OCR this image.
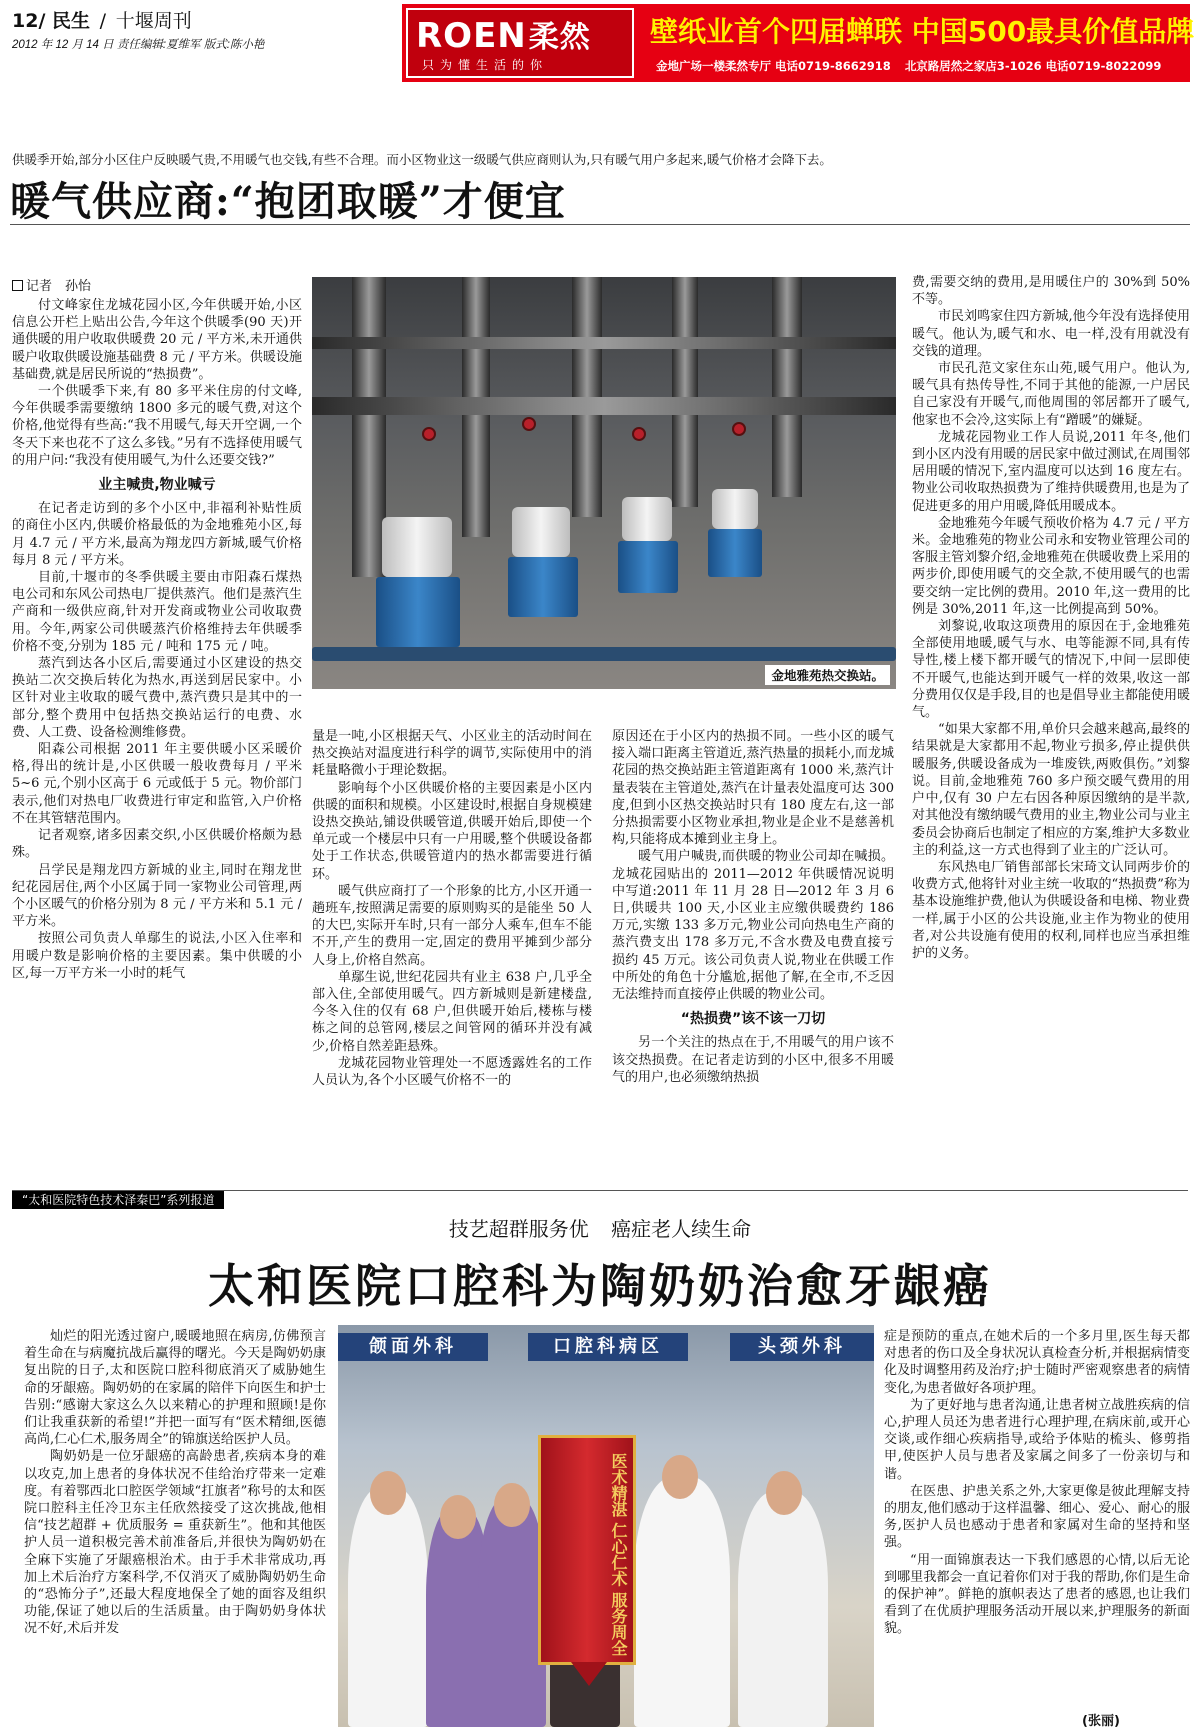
12/ 民生 / 十堰周刊
2012 年 12 月 14 日 责任编辑:夏维军 版式:陈小艳	ROEN柔然
只为懂生活的你
壁纸业首个四届蝉联 中国500最具价值品牌
金地广场一楼柔然专厅 电话0719-8662918 北京路居然之家店3-1026 电话0719-8022099
供暖季开始,部分小区住户反映暖气贵,不用暖气也交钱,有些不合理。而小区物业这一级暖气供应商则认为,只有暖气用户多起来,暖气价格才会降下去。
暖气供应商:“抱团取暖”才便宜
记者　孙怡

付文峰家住龙城花园小区,今年供暖开始,小区信息公开栏上贴出公告,今年这个供暖季(90 天)开通供暖的用户收取供暖费 20 元 / 平方米,未开通供暖户收取供暖设施基础费 8 元 / 平方米。供暖设施基础费,就是居民所说的“热损费”。

一个供暖季下来,有 80 多平米住房的付文峰,今年供暖季需要缴纳 1800 多元的暖气费,对这个价格,他觉得有些高:“我不用暖气,每天开空调,一个冬天下来也花不了这么多钱。”另有不选择使用暖气的用户问:“我没有使用暖气,为什么还要交钱?”

业主喊贵,物业喊亏

在记者走访到的多个小区中,非福利补贴性质的商住小区内,供暖价格最低的为金地雅苑小区,每月 4.7 元 / 平方米,最高为翔龙四方新城,暖气价格每月 8 元 / 平方米。

目前,十堰市的冬季供暖主要由市阳森石煤热电公司和东风公司热电厂提供蒸汽。他们是蒸汽生产商和一级供应商,针对开发商或物业公司收取费用。今年,两家公司供暖蒸汽价格维持去年供暖季价格不变,分别为 185 元 / 吨和 175 元 / 吨。

蒸汽到达各小区后,需要通过小区建设的热交换站二次交换后转化为热水,再送到居民家中。小区针对业主收取的暖气费中,蒸汽费只是其中的一部分,整个费用中包括热交换站运行的电费、水费、人工费、设备检测维修费。

阳森公司根据 2011 年主要供暖小区采暖价格,得出的统计是,小区供暖一般收费每月 / 平米 5~6 元,个别小区高于 6 元或低于 5 元。物价部门表示,他们对热电厂收费进行审定和监管,入户价格不在其管辖范围内。

记者观察,诸多因素交织,小区供暖价格颇为悬殊。

吕学民是翔龙四方新城的业主,同时在翔龙世纪花园居住,两个小区属于同一家物业公司管理,两个小区暖气的价格分别为 8 元 / 平方米和 5.1 元 / 平方米。

按照公司负责人单鄢生的说法,小区入住率和用暖户数是影响价格的主要因素。集中供暖的小区,每一万平方米一小时的耗气

金地雅苑热交换站。

量是一吨,小区根据天气、小区业主的活动时间在热交换站对温度进行科学的调节,实际使用中的消耗量略微小于理论数据。

影响每个小区供暖价格的主要因素是小区内供暖的面积和规模。小区建设时,根据自身规模建设热交换站,铺设供暖管道,供暖开始后,即使一个单元或一个楼层中只有一户用暖,整个供暖设备都处于工作状态,供暖管道内的热水都需要进行循环。

暖气供应商打了一个形象的比方,小区开通一趟班车,按照满足需要的原则购买的是能坐 50 人的大巴,实际开车时,只有一部分人乘车,但车不能不开,产生的费用一定,固定的费用平摊到少部分人身上,价格自然高。

单鄢生说,世纪花园共有业主 638 户,几乎全部入住,全部使用暖气。四方新城则是新建楼盘,今冬入住的仅有 68 户,但供暖开始后,楼栋与楼栋之间的总管网,楼层之间管网的循环并没有减少,价格自然差距悬殊。

龙城花园物业管理处一不愿透露姓名的工作人员认为,各个小区暖气价格不一的

原因还在于小区内的热损不同。一些小区的暖气接入端口距离主管道近,蒸汽热量的损耗小,而龙城花园的热交换站距主管道距离有 1000 米,蒸汽计量表装在主管道处,蒸汽在计量表处温度可达 300 度,但到小区热交换站时只有 180 度左右,这一部分热损需要小区物业承担,物业是企业不是慈善机构,只能将成本摊到业主身上。

暖气用户喊贵,而供暖的物业公司却在喊损。龙城花园贴出的 2011—2012 年供暖情况说明中写道:2011 年 11 月 28 日—2012 年 3 月 6 日,供暖共 100 天,小区业主应缴供暖费约 186 万元,实缴 133 多万元,物业公司向热电生产商的蒸汽费支出 178 多万元,不含水费及电费直接亏损约 45 万元。该公司负责人说,物业在供暖工作中所处的角色十分尴尬,据他了解,在全市,不乏因无法维持而直接停止供暖的物业公司。

“热损费”该不该一刀切

另一个关注的热点在于,不用暖气的用户该不该交热损费。在记者走访到的小区中,很多不用暖气的用户,也必须缴纳热损

费,需要交纳的费用,是用暖住户的 30%到 50%不等。

市民刘鸣家住四方新城,他今年没有选择使用暖气。他认为,暖气和水、电一样,没有用就没有交钱的道理。

市民孔范文家住东山苑,暖气用户。他认为,暖气具有热传导性,不同于其他的能源,一户居民自己家没有开暖气,而他周围的邻居都开了暖气,他家也不会冷,这实际上有“蹭暖”的嫌疑。

龙城花园物业工作人员说,2011 年冬,他们到小区内没有用暖的居民家中做过测试,在周围邻居用暖的情况下,室内温度可以达到 16 度左右。物业公司收取热损费为了维持供暖费用,也是为了促进更多的用户用暖,降低用暖成本。

金地雅苑今年暖气预收价格为 4.7 元 / 平方米。金地雅苑的物业公司永和安物业管理公司的客服主管刘黎介绍,金地雅苑在供暖收费上采用的两步价,即使用暖气的交全款,不使用暖气的也需要交纳一定比例的费用。2010 年,这一费用的比例是 30%,2011 年,这一比例提高到 50%。

刘黎说,收取这项费用的原因在于,金地雅苑全部使用地暖,暖气与水、电等能源不同,具有传导性,楼上楼下都开暖气的情况下,中间一层即使不开暖气,也能达到开暖气一样的效果,收这一部分费用仅仅是手段,目的也是倡导业主都能使用暖气。

“如果大家都不用,单价只会越来越高,最终的结果就是大家都用不起,物业亏损多,停止提供供暖服务,供暖设备成为一堆废铁,两败俱伤。”刘黎说。目前,金地雅苑 760 多户预交暖气费用的用户中,仅有 30 户左右因各种原因缴纳的是半款,对其他没有缴纳暖气费用的业主,物业公司与业主委员会协商后也制定了相应的方案,维护大多数业主的利益,这一方式也得到了业主的广泛认可。

东风热电厂销售部部长宋琦文认同两步价的收费方式,他将针对业主统一收取的“热损费”称为基本设施维护费,他认为供暖设备和电梯、物业费一样,属于小区的公共设施,业主作为物业的使用者,对公共设施有使用的权利,同样也应当承担维护的义务。

“太和医院特色技术泽秦巴”系列报道
技艺超群服务优 癌症老人续生命
太和医院口腔科为陶奶奶治愈牙龈癌

灿烂的阳光透过窗户,暖暖地照在病房,仿佛预言着生命在与病魔抗战后赢得的曙光。今天是陶奶奶康复出院的日子,太和医院口腔科彻底消灭了威胁她生命的牙龈癌。陶奶奶的在家属的陪伴下向医生和护士告别:“感谢大家这么久以来精心的护理和照顾!是你们让我重获新的希望!”并把一面写有“医术精细,医德高尚,仁心仁术,服务周全”的锦旗送给医护人员。

陶奶奶是一位牙龈癌的高龄患者,疾病本身的难以攻克,加上患者的身体状况不佳给治疗带来一定难度。有着鄂西北口腔医学领域“扛旗者”称号的太和医院口腔科主任冷卫东主任欣然接受了这次挑战,他相信“技艺超群 + 优质服务 = 重获新生”。他和其他医护人员一道积极完善术前准备后,并很快为陶奶奶在全麻下实施了牙龈癌根治术。由于手术非常成功,再加上术后治疗方案科学,不仅消灭了威胁陶奶奶生命的“恐怖分子”,还最大程度地保全了她的面容及组织功能,保证了她以后的生活质量。由于陶奶奶身体状况不好,术后并发

颌面外科	口腔科病区	头颈外科
医术精湛 仁心仁术 服务周全

症是预防的重点,在她术后的一个多月里,医生每天都对患者的伤口及全身状况认真检查分析,并根据病情变化及时调整用药及治疗;护士随时严密观察患者的病情变化,为患者做好各项护理。

为了更好地与患者沟通,让患者树立战胜疾病的信心,护理人员还为患者进行心理护理,在病床前,或开心交谈,或作细心疾病指导,或给予体贴的梳头、修剪指甲,使医护人员与患者及家属之间多了一份亲切与和谐。

在医患、护患关系之外,大家更像是彼此理解支持的朋友,他们感动于这样温馨、细心、爱心、耐心的服务,医护人员也感动于患者和家属对生命的坚持和坚强。

“用一面锦旗表达一下我们感恩的心情,以后无论到哪里我都会一直记着你们对于我的帮助,你们是生命的保护神”。鲜艳的旗帜表达了患者的感恩,也让我们看到了在优质护理服务活动开展以来,护理服务的新面貌。

(张丽)
